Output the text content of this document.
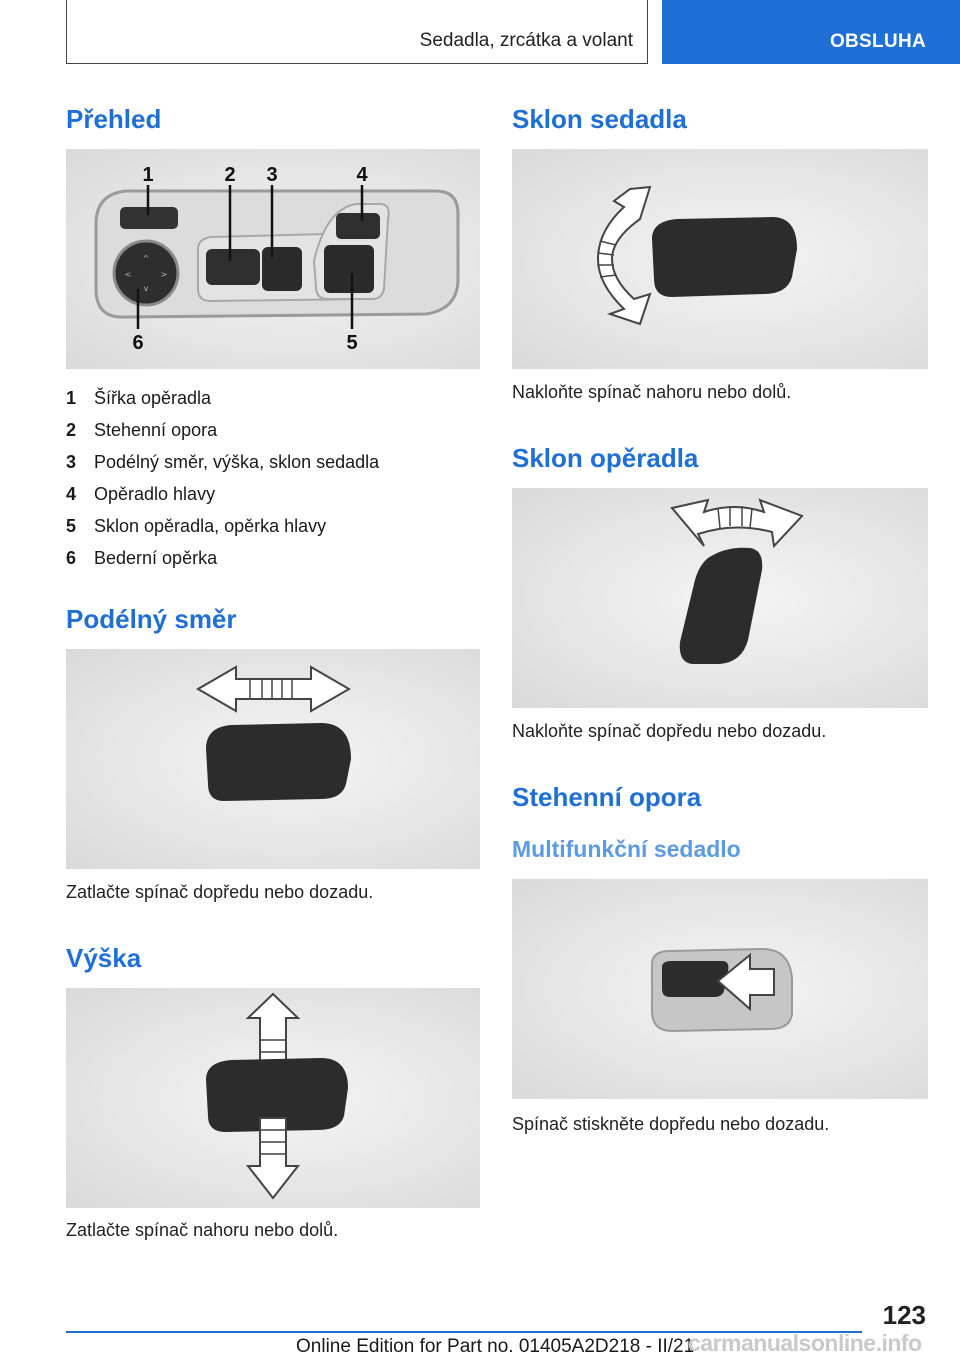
Sedadla, zrcátka a volant	OBSLUHA
Přehled
^
v
<	>
1	2 3	4
5
6
1 Šířka opěradla
2 Stehenní opora
3 Podélný směr, výška, sklon sedadla
4 Opěradlo hlavy
5 Sklon opěradla, opěrka hlavy
6 Bederní opěrka
Podélný směr
Zatlačte spínač dopředu nebo dozadu.
Výška
Zatlačte spínač nahoru nebo dolů.
Sklon sedadla
Nakloňte spínač nahoru nebo dolů.
Sklon opěradla
Nakloňte spínač dopředu nebo dozadu.
Stehenní opora
Multifunkční sedadlo
Spínač stiskněte dopředu nebo dozadu.
123
Online Edition for Part no. 01405A2D218 - II/21
carmanualsonline.info
